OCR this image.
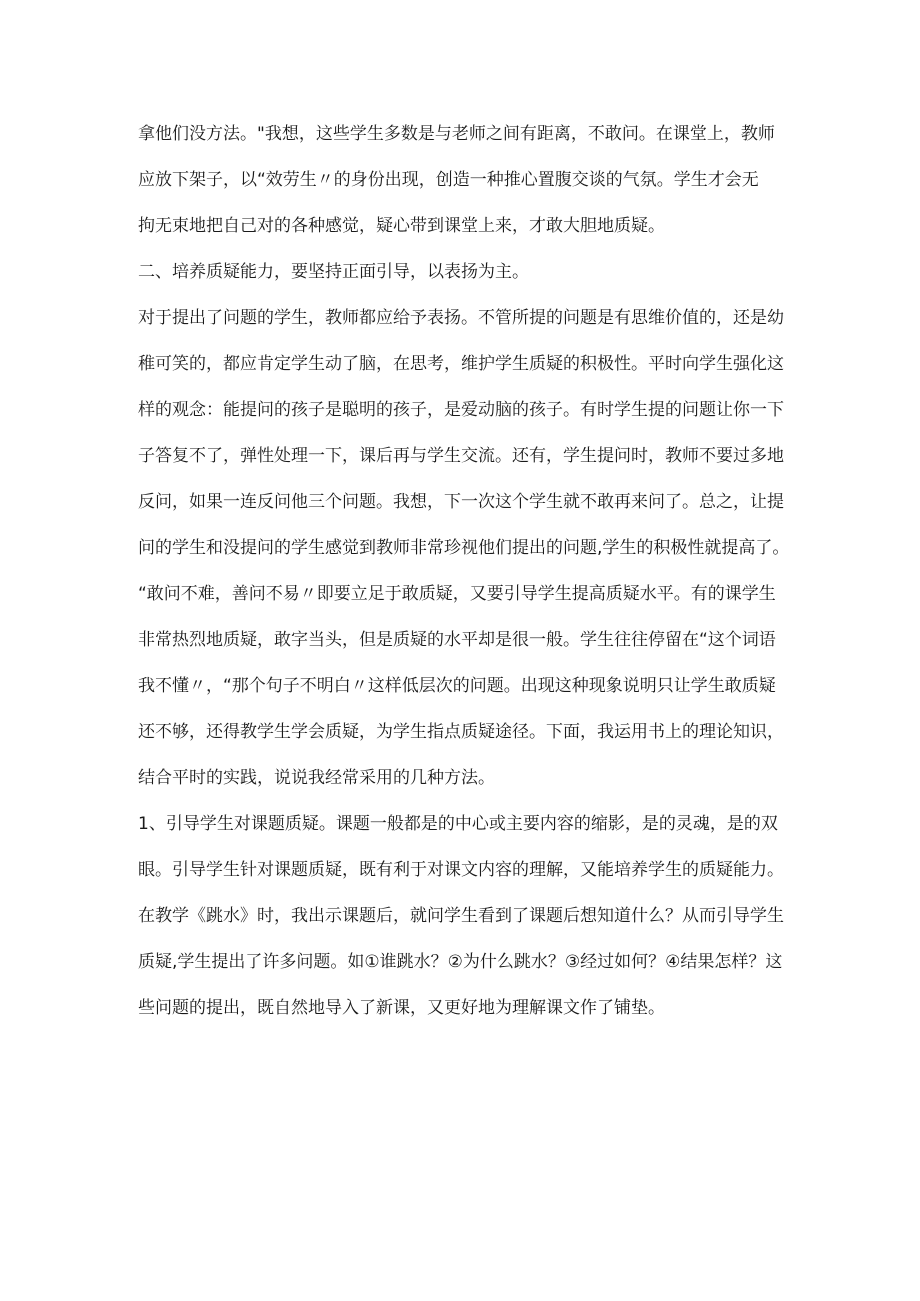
拿他们没方法。"我想，这些学生多数是与老师之间有距离，不敢问。在课堂上，教师
应放下架子，以“效劳生〃的身份出现，创造一种推心置腹交谈的气氛。学生才会无
拘无束地把自己对的各种感觉，疑心带到课堂上来，才敢大胆地质疑。
二、培养质疑能力，要坚持正面引导，以表扬为主。
对于提出了问题的学生，教师都应给予表扬。不管所提的问题是有思维价值的，还是幼
稚可笑的，都应肯定学生动了脑，在思考，维护学生质疑的积极性。平时向学生强化这
样的观念：能提问的孩子是聪明的孩子，是爱动脑的孩子。有时学生提的问题让你一下
子答复不了，弹性处理一下，课后再与学生交流。还有，学生提问时，教师不要过多地
反问，如果一连反问他三个问题。我想，下一次这个学生就不敢再来问了。总之，让提
问的学生和没提问的学生感觉到教师非常珍视他们提出的问题,学生的积极性就提高了。
“敢问不难，善问不易〃即要立足于敢质疑，又要引导学生提高质疑水平。有的课学生
非常热烈地质疑，敢字当头，但是质疑的水平却是很一般。学生往往停留在“这个词语
我不懂〃，“那个句子不明白〃这样低层次的问题。出现这种现象说明只让学生敢质疑
还不够，还得教学生学会质疑，为学生指点质疑途径。下面，我运用书上的理论知识，
结合平时的实践，说说我经常采用的几种方法。
1、引导学生对课题质疑。课题一般都是的中心或主要内容的缩影，是的灵魂，是的双
眼。引导学生针对课题质疑，既有利于对课文内容的理解，又能培养学生的质疑能力。
在教学《跳水》时，我出示课题后，就问学生看到了课题后想知道什么？从而引导学生
质疑,学生提出了许多问题。如①谁跳水？②为什么跳水？③经过如何？④结果怎样？这
些问题的提出，既自然地导入了新课，又更好地为理解课文作了铺垫。
